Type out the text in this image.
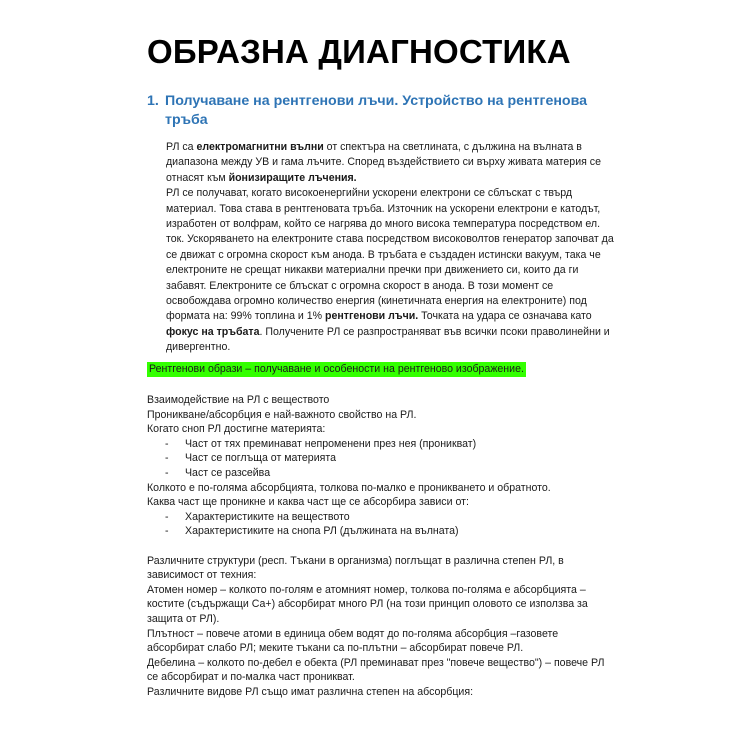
ОБРАЗНА ДИАГНОСТИКА
1. Получаване на рентгенови лъчи. Устройство на рентгенова
тръба

РЛ са електромагнитни вълни от спектъра на светлината, с дължина на вълната в диапазона между УВ и гама лъчите. Според въздействието си върху живата материя се отнасят към йонизиращите лъчения.

РЛ се получават, когато високоенергийни ускорени електрони се сблъскат с твърд материал. Това става в рентгеновата тръба. Източник на ускорени електрони е катодът, изработен от волфрам, който се нагрява до много висока температура посредством ел. ток. Ускоряването на електроните става посредством високоволтов генератор започват да се движат с огромна скорост към анода. В тръбата е създаден истински вакуум, така че електроните не срещат никакви материални пречки при движението си, които да ги забавят. Електроните се блъскат с огромна скорост в анода. В този момент се освобождава огромно количество енергия (кинетичната енергия на електроните) под формата на: 99% топлина и 1% рентгенови лъчи. Точката на удара се означава като фокус на тръбата. Получените РЛ се разпространяват във всички псоки праволинейни и дивергентно.

Рентгенови образи – получаване и особености на рентгеново изображение.

Взаимодействие на РЛ с веществото

Проникване/абсорбция е най-важното свойство на РЛ.

Когато сноп РЛ достигне материята:

-	Част от тях преминават непроменени през нея (проникват)
-	Част се поглъща от материята
-	Част се разсейва

Колкото е по-голяма абсорбцията, толкова по-малко е проникването и обратното.

Каква част ще проникне и каква част ще се абсорбира зависи от:

-	Характеристиките на веществото
-	Характеристиките на снопа РЛ (дължината на вълната)

Различните структури (респ. Тъкани в организма) поглъщат в различна степен РЛ, в зависимост от техния:

Атомен номер – колкото по-голям е атомният номер, толкова по-голяма е абсорбцията – костите (съдържащи Са+) абсорбират много РЛ (на този принцип оловото се използва за защита от РЛ).

Плътност – повече атоми в единица обем водят до по-голяма абсорбция –газовете абсорбират слабо РЛ; меките тъкани са по-плътни – абсорбират повече РЛ.

Дебелина – колкото по-дебел е обекта (РЛ преминават през "повече вещество") – повече РЛ се абсорбират и по-малка част проникват.

Различните видове РЛ също имат различна степен на абсорбция:
